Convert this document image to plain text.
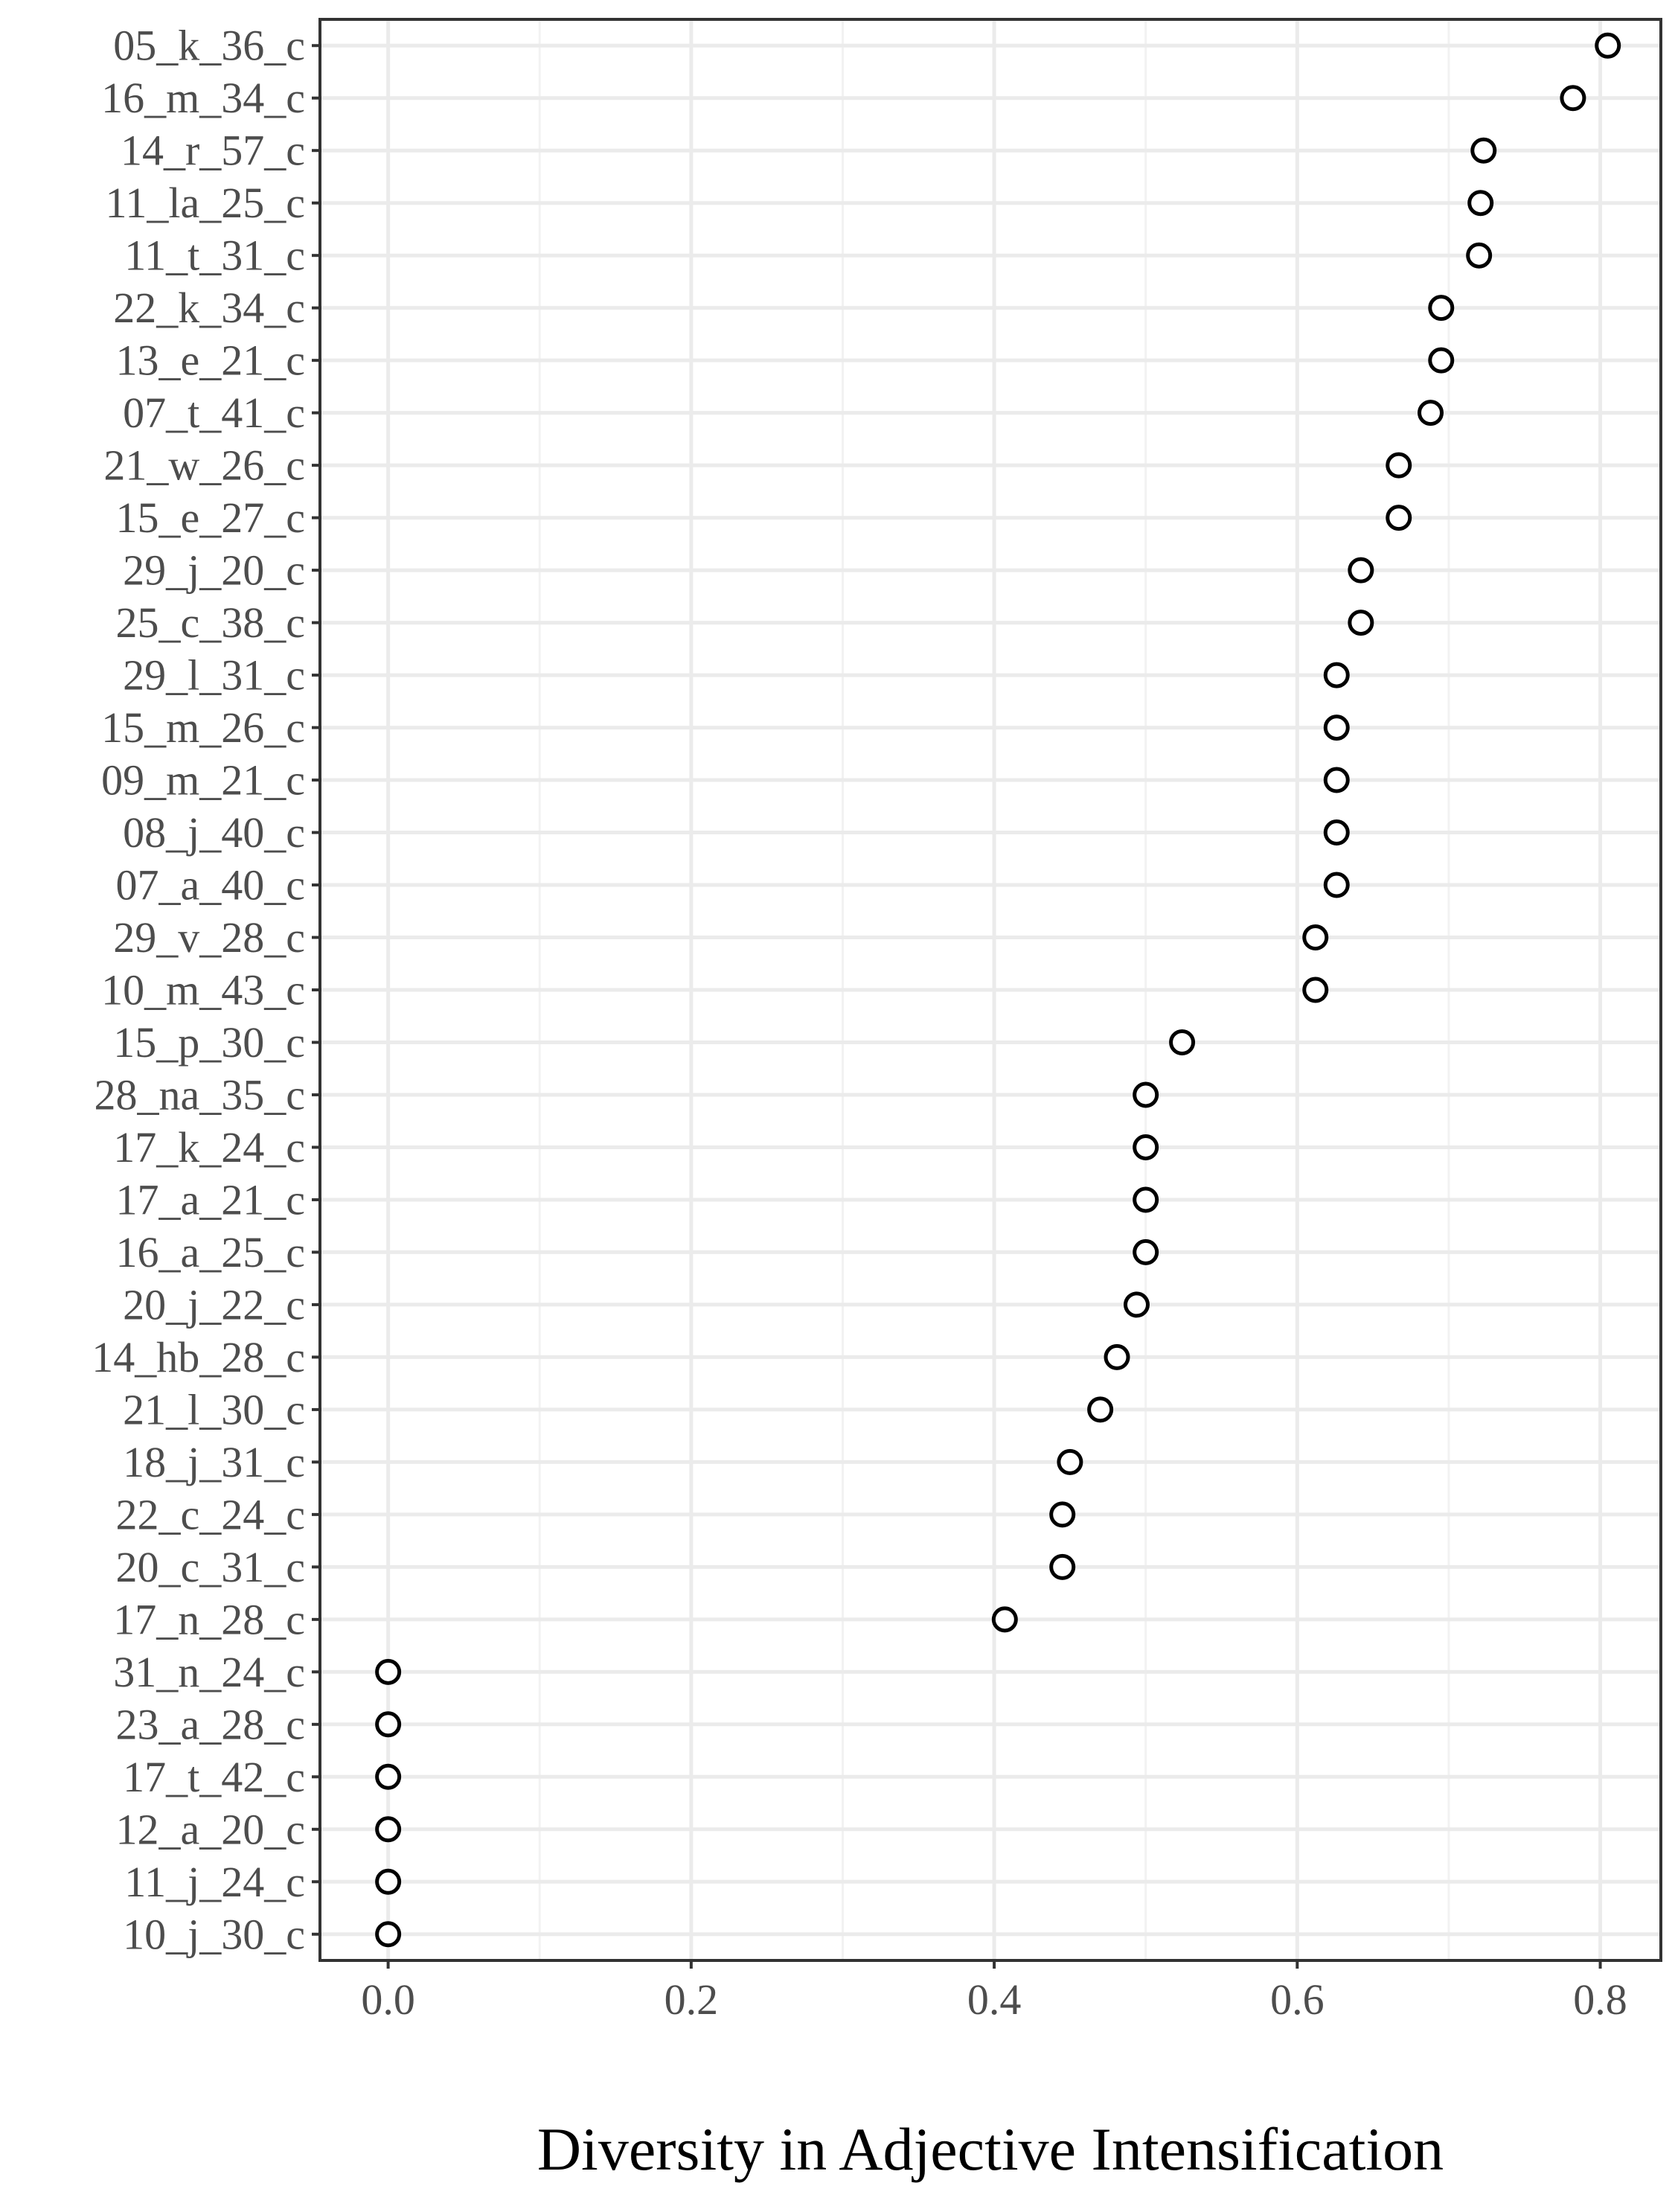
05_k_36_c
16_m_34_c
14_r_57_c
11_la_25_c
11_t_31_c
22_k_34_c
13_e_21_c
07_t_41_c
21_w_26_c
15_e_27_c
29_j_20_c
25_c_38_c
29_l_31_c
15_m_26_c
09_m_21_c
08_j_40_c
07_a_40_c
29_v_28_c
10_m_43_c
15_p_30_c
28_na_35_c
17_k_24_c
17_a_21_c
16_a_25_c
20_j_22_c
14_hb_28_c
21_l_30_c
18_j_31_c
22_c_24_c
20_c_31_c
17_n_28_c
31_n_24_c
23_a_28_c
17_t_42_c
12_a_20_c
11_j_24_c
10_j_30_c
0.0	0.2	0.4	0.6	0.8
Diversity in Adjective Intensification
